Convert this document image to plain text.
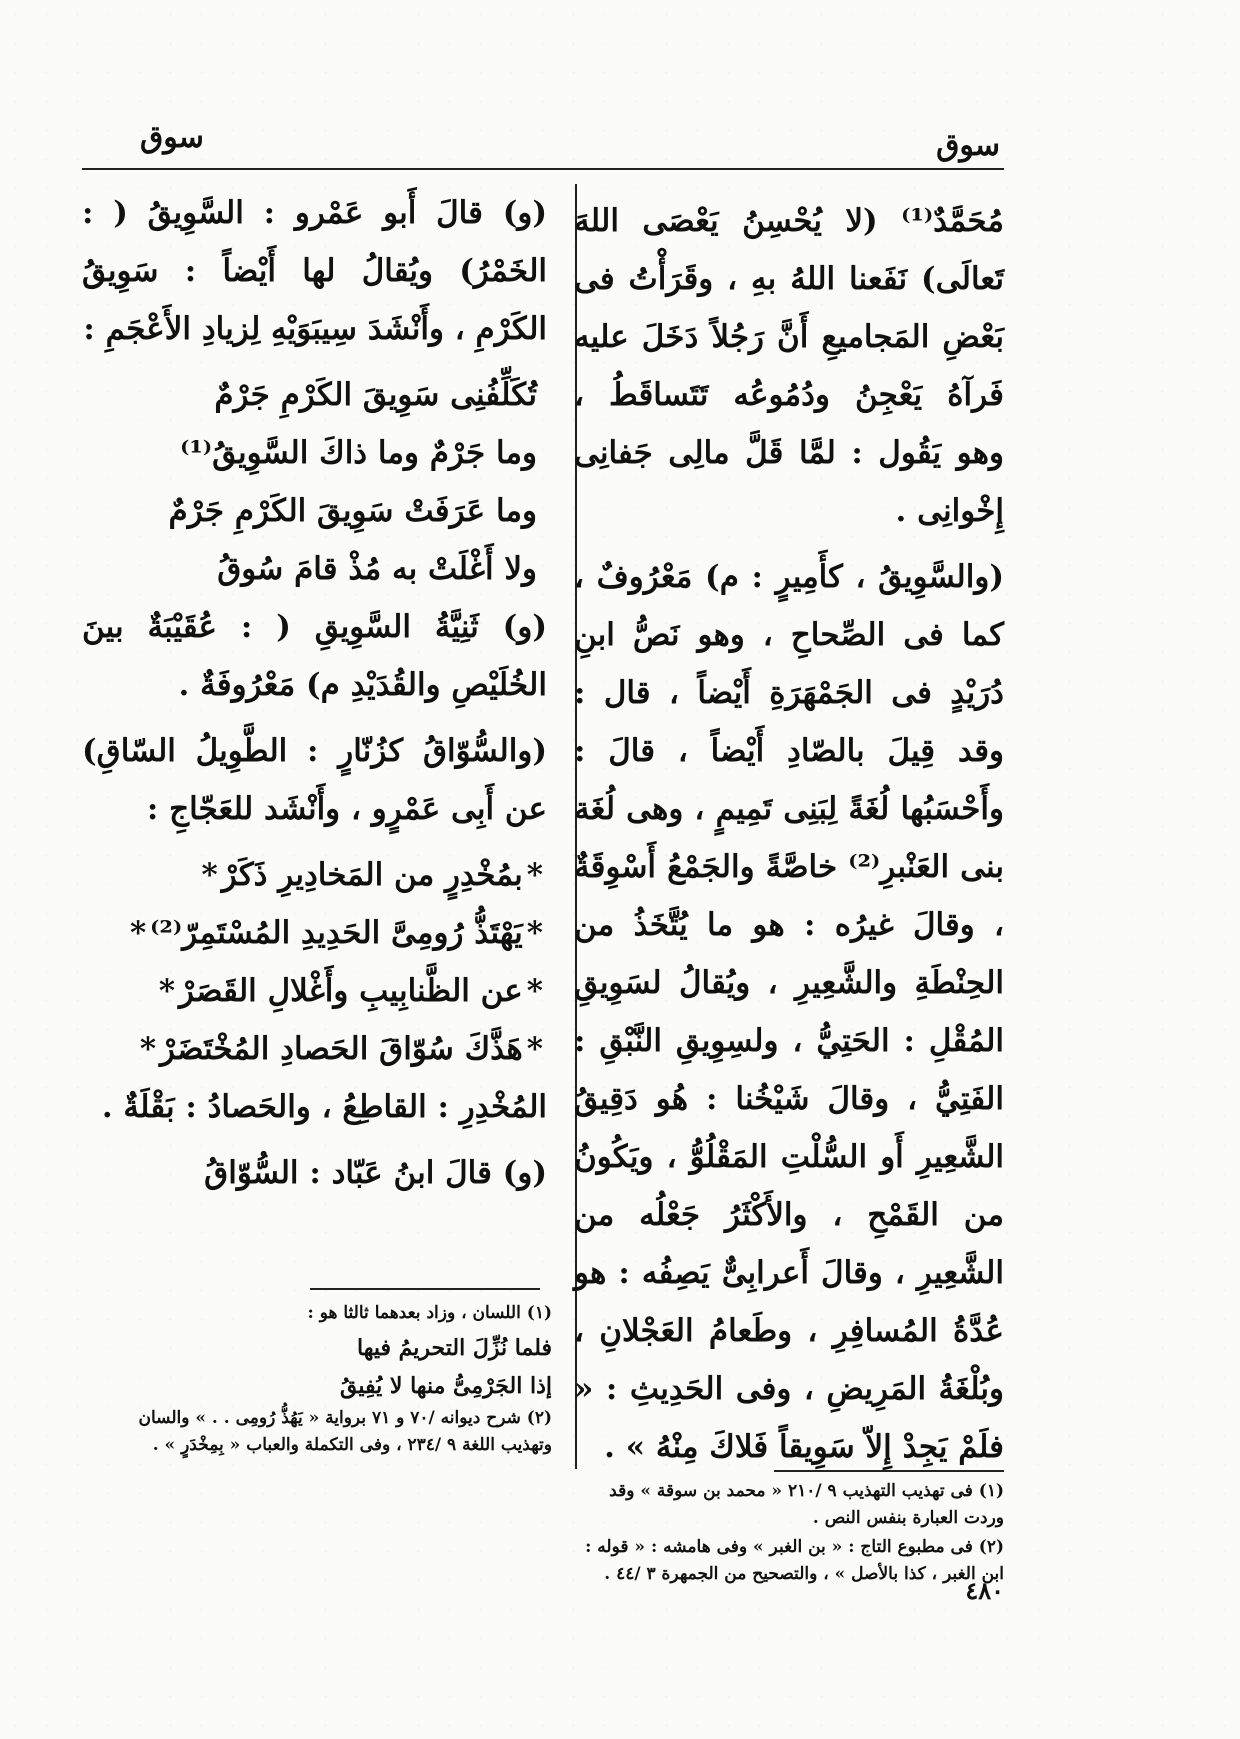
سوق
سوق

مُحَمَّدٌ⁽¹⁾ (لا يُحْسِنُ يَعْصَى اللهَ تَعالَى) نَفَعنا اللهُ بهِ ، وقَرَأْتُ فى بَعْضِ المَجاميعِ أَنَّ رَجُلاً دَخَلَ عليه فَرآهُ يَعْجِنُ ودُمُوعُه تَتَساقَطُ ، وهو يَقُول : لمَّا قَلَّ مالِى جَفانِى إِخْوانِى .

(والسَّوِيقُ ، كأَمِيرٍ : م) مَعْرُوفٌ ، كما فى الصِّحاحِ ، وهو نَصُّ ابنِ دُرَيْدٍ فى الجَمْهَرَةِ أَيْضاً ، قال : وقد قِيلَ بالصّادِ أَيْضاً ، قالَ : وأَحْسَبُها لُغَةً لِبَنِى تَمِيمٍ ، وهى لُغَة بنى العَنْبرِ⁽²⁾ خاصَّةً والجَمْعُ أَسْوِقَةٌ ، وقالَ غيرُه : هو ما يُتَّخَذُ من الحِنْطَةِ والشَّعِيرِ ، ويُقالُ لسَوِيقِ المُقْلِ : الحَتِيُّ ، ولسِوِيقِ النَّبْقِ : الفَتِيُّ ، وقالَ شَيْخُنا : هُو دَقِيقُ الشَّعِيرِ أَو السُّلْتِ المَقْلُوُّ ، ويَكُونُ من القَمْحِ ، والأَكْثَرُ جَعْلُه من الشَّعِيرِ ، وقالَ أَعرابِىٌّ يَصِفُه : هو عُدَّةُ المُسافِرِ ، وطَعامُ العَجْلانِ ، وبُلْغَةُ المَرِيضِ ، وفى الحَدِيثِ : « فلَمْ يَجِدْ إِلاّ سَوِيقاً فَلاكَ مِنْهُ » .

(و) قالَ أَبو عَمْرو : السَّوِيقُ ( : الخَمْرُ) ويُقالُ لها أَيْضاً : سَوِيقُ الكَرْمِ ، وأَنْشَدَ سِيبَوَيْهِ لِزيادِ الأَعْجَمِ :

تُكَلِّفُنِى سَوِيقَ الكَرْمِ جَرْمٌ

وما جَرْمٌ وما ذاكَ السَّوِيقُ⁽¹⁾

وما عَرَفَتْ سَوِيقَ الكَرْمِ جَرْمٌ

ولا أَغْلَتْ به مُذْ قامَ سُوقُ

(و) ثَنِيَّةُ السَّوِيقِ ( : عُقَيْبَةٌ بينَ الخُلَيْصِ والقُدَيْدِ م) مَعْرُوفَةٌ .

(والسُّوّاقُ كزُنّارٍ : الطَّوِيلُ السّاقِ) عن أَبِى عَمْرٍو ، وأَنْشَد للعَجّاجِ :

*بمُخْدِرٍ من المَخادِيرِ ذَكَرْ*

*يَهْتَذُّ رُومِىَّ الحَدِيدِ المُسْتَمِرّ⁽²⁾*

*عن الظَّنابِيبِ وأَغْلالِ القَصَرْ*

*هَذَّكَ سُوّاقَ الحَصادِ المُخْتَضَرْ*

المُخْدِرِ : القاطِعُ ، والحَصادُ : بَقْلَةٌ .

(و) قالَ ابنُ عَبّاد : السُّوّاقُ

(١) اللسان ، وزاد بعدهما ثالثا هو :

فلما نُزِّلَ التحريمُ فيها

إذا الجَرْمِىُّ منها لا يُفِيقُ

(٢) شرح ديوانه /٧٠ و ٧١ برواية « يَهُذُّ رُومِى . . » والسان وتهذيب اللغة ٩ /٢٣٤ ، وفى التكملة والعباب « بِمِخْدَرٍ » .

(١) فى تهذيب التهذيب ٩ /٢١٠ « محمد بن سوقة » وقد وردت العبارة بنفس النص .

(٢) فى مطبوع التاج : « بن الغبر » وفى هامشه : « قوله : ابن الغبر ، كذا بالأصل » ، والتصحيح من الجمهرة ٣ /٤٤ .

٤٨٠
